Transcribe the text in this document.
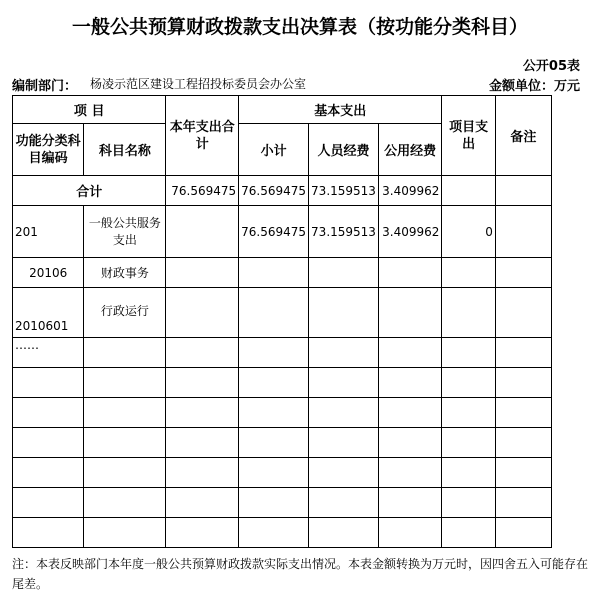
一般公共预算财政拨款支出决算表（按功能分类科目）
公开05表
编制部门： 杨凌示范区建设工程招投标委员会办公室	金额单位：万元
项 目		本年支出合计	基本支出			项目支出	备注
功能分类科目编码	科目名称		小计	人员经费	公用经费		
合计		76.569475	76.569475	73.159513	3.409962		
201	一般公共服务支出		76.569475	73.159513	3.409962	0	
20106	财政事务						
2010601	行政运行						
……							

注：本表反映部门本年度一般公共预算财政拨款实际支出情况。本表金额转换为万元时，因四舍五入可能存在尾差。
